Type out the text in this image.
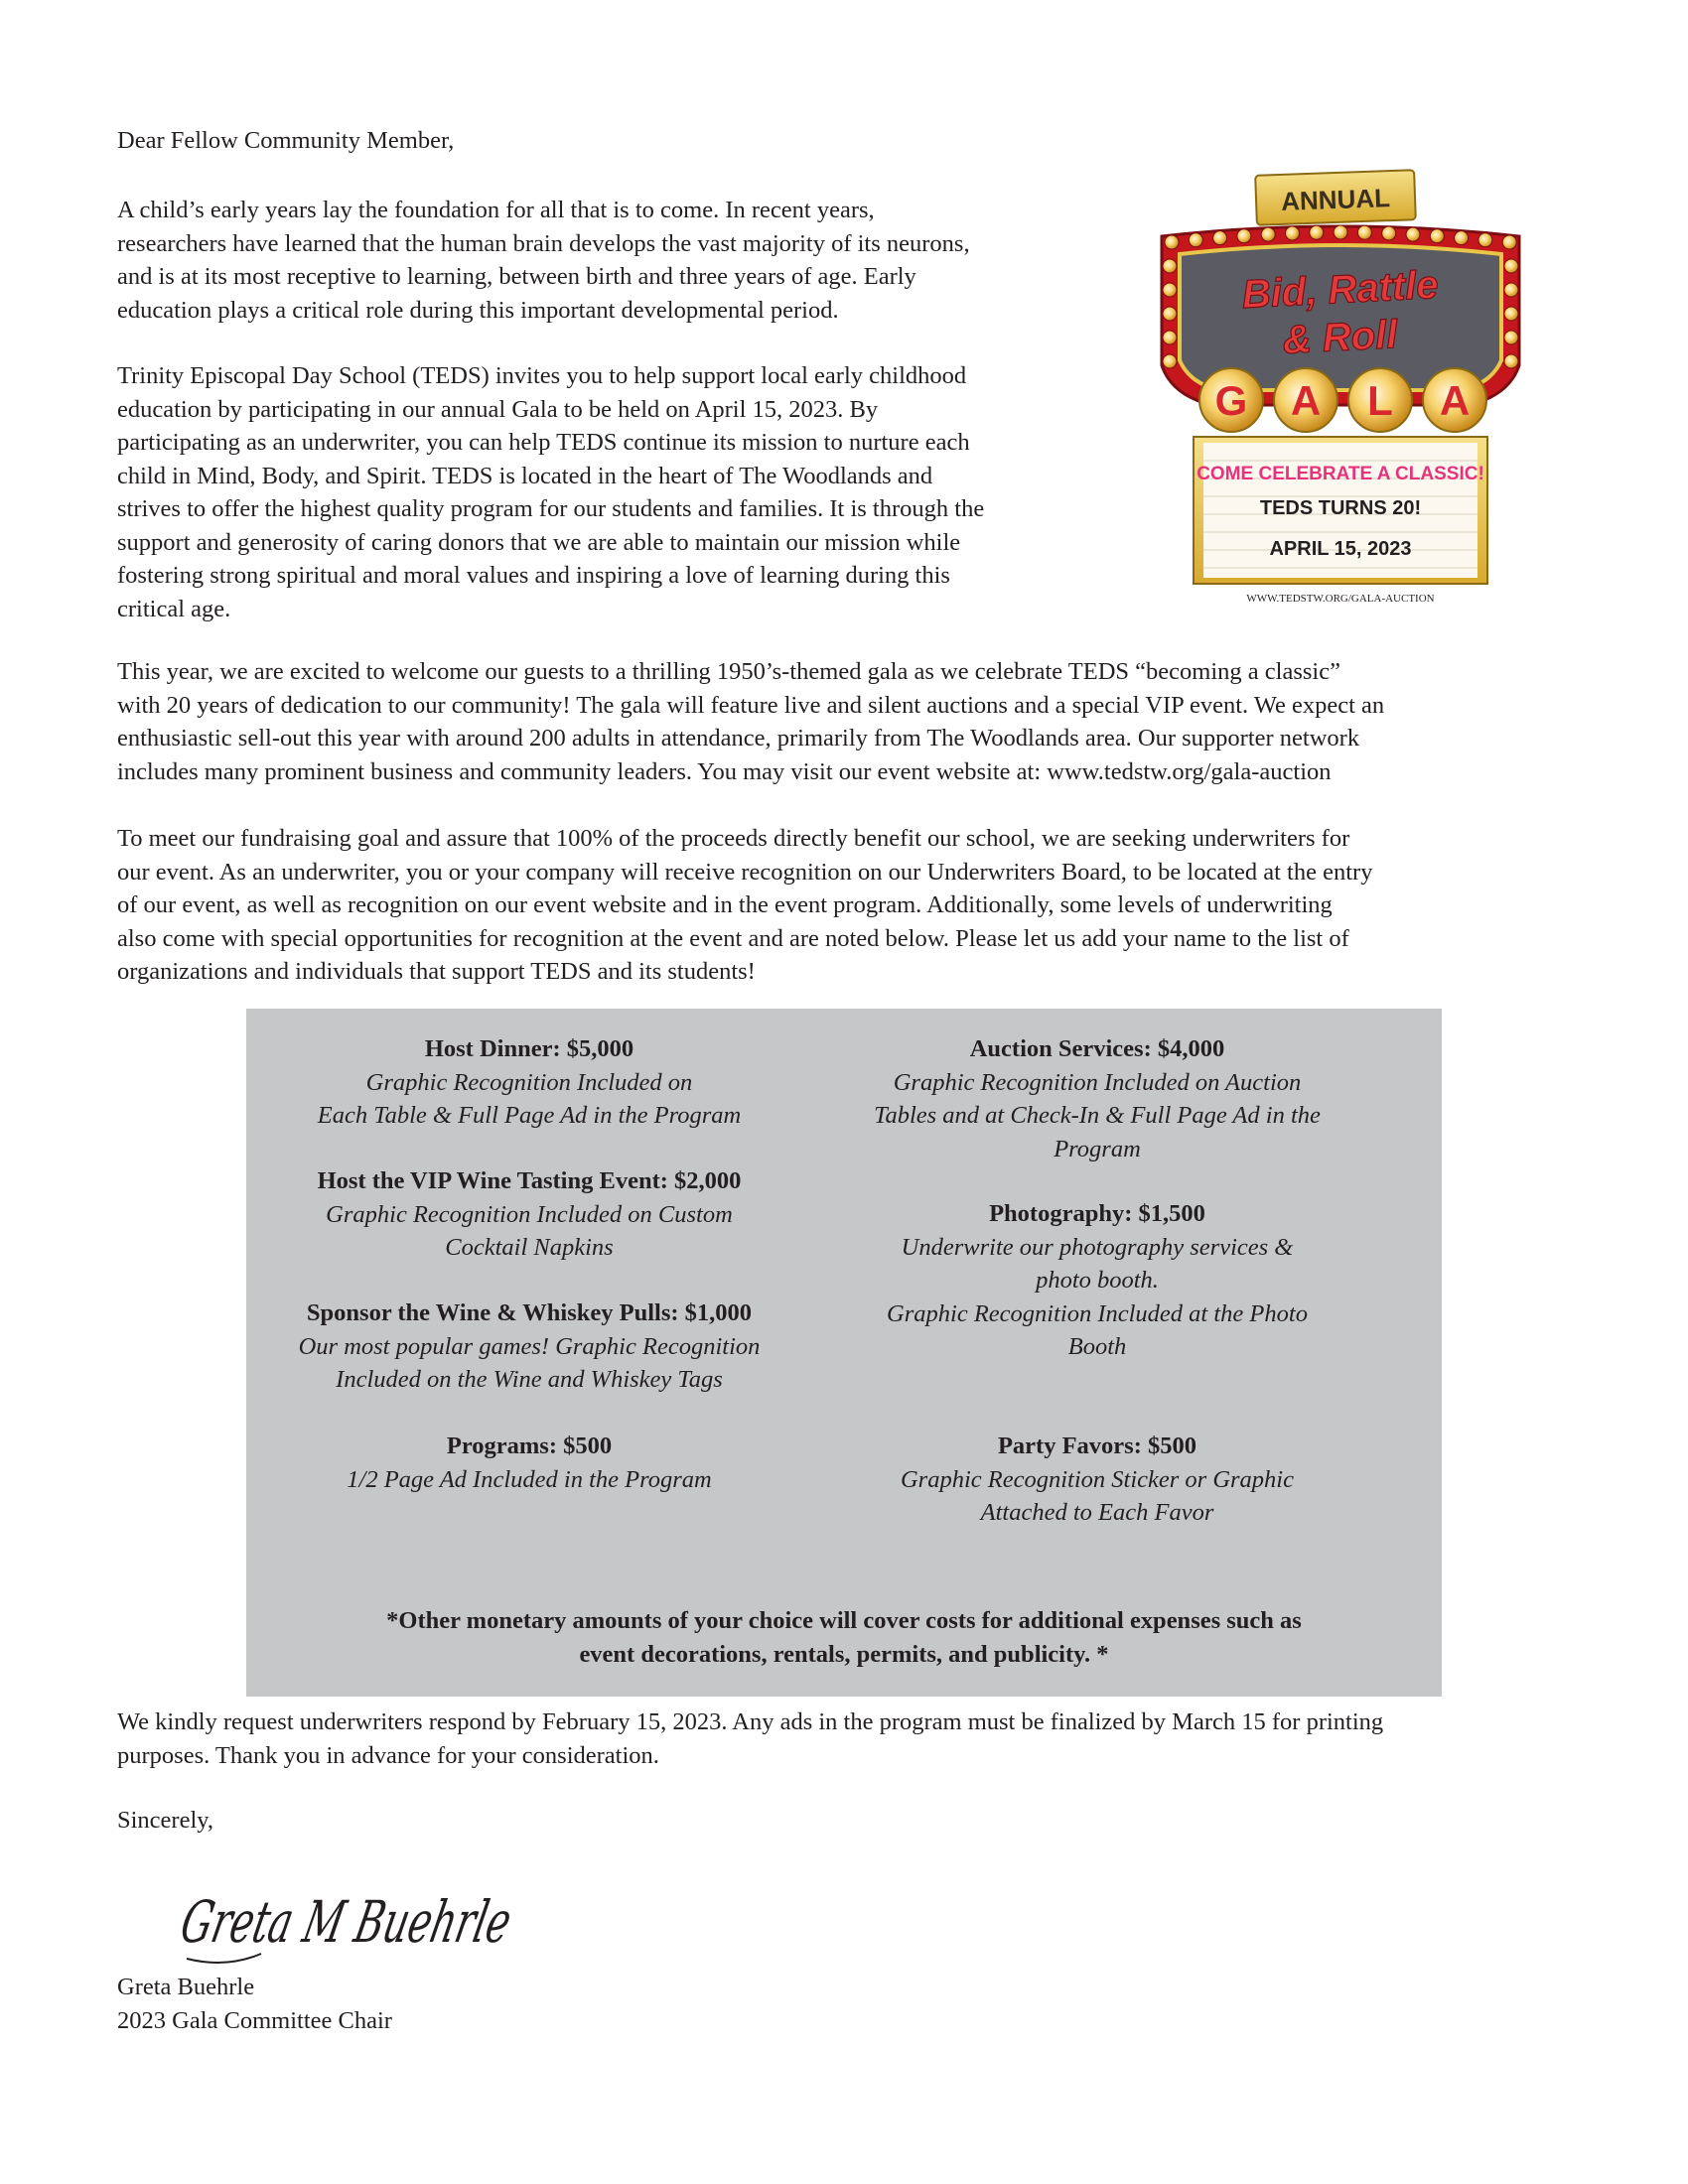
Dear Fellow Community Member,

A child’s early years lay the foundation for all that is to come. In recent years,
researchers have learned that the human brain develops the vast majority of its neurons,
and is at its most receptive to learning, between birth and three years of age. Early
education plays a critical role during this important developmental period.

Trinity Episcopal Day School (TEDS) invites you to help support local early childhood
education by participating in our annual Gala to be held on April 15, 2023. By
participating as an underwriter, you can help TEDS continue its mission to nurture each
child in Mind, Body, and Spirit. TEDS is located in the heart of The Woodlands and
strives to offer the highest quality program for our students and families. It is through the
support and generosity of caring donors that we are able to maintain our mission while
fostering strong spiritual and moral values and inspiring a love of learning during this
critical age.

This year, we are excited to welcome our guests to a thrilling 1950’s-themed gala as we celebrate TEDS “becoming a classic”
with 20 years of dedication to our community! The gala will feature live and silent auctions and a special VIP event. We expect an
enthusiastic sell-out this year with around 200 adults in attendance, primarily from The Woodlands area. Our supporter network
includes many prominent business and community leaders. You may visit our event website at: www.tedstw.org/gala-auction

To meet our fundraising goal and assure that 100% of the proceeds directly benefit our school, we are seeking underwriters for
our event. As an underwriter, you or your company will receive recognition on our Underwriters Board, to be located at the entry
of our event, as well as recognition on our event website and in the event program. Additionally, some levels of underwriting
also come with special opportunities for recognition at the event and are noted below. Please let us add your name to the list of
organizations and individuals that support TEDS and its students!

ANNUAL
Bid, Rattle
& Roll
G A L A
COME CELEBRATE A CLASSIC!
TEDS TURNS 20!
APRIL 15, 2023
WWW.TEDSTW.ORG/GALA-AUCTION
Host Dinner: $5,000
Graphic Recognition Included on
Each Table & Full Page Ad in the Program
Host the VIP Wine Tasting Event: $2,000
Graphic Recognition Included on Custom
Cocktail Napkins
Sponsor the Wine & Whiskey Pulls: $1,000
Our most popular games! Graphic Recognition
Included on the Wine and Whiskey Tags
Programs: $500
1/2 Page Ad Included in the Program
Auction Services: $4,000
Graphic Recognition Included on Auction
Tables and at Check-In & Full Page Ad in the
Program
Photography: $1,500
Underwrite our photography services &
photo booth.
Graphic Recognition Included at the Photo
Booth
Party Favors: $500
Graphic Recognition Sticker or Graphic
Attached to Each Favor
*Other monetary amounts of your choice will cover costs for additional expenses such as
event decorations, rentals, permits, and publicity. *

We kindly request underwriters respond by February 15, 2023. Any ads in the program must be finalized by March 15 for printing
purposes. Thank you in advance for your consideration.

Sincerely,

Greta M Buehrle

Greta Buehrle
2023 Gala Committee Chair
